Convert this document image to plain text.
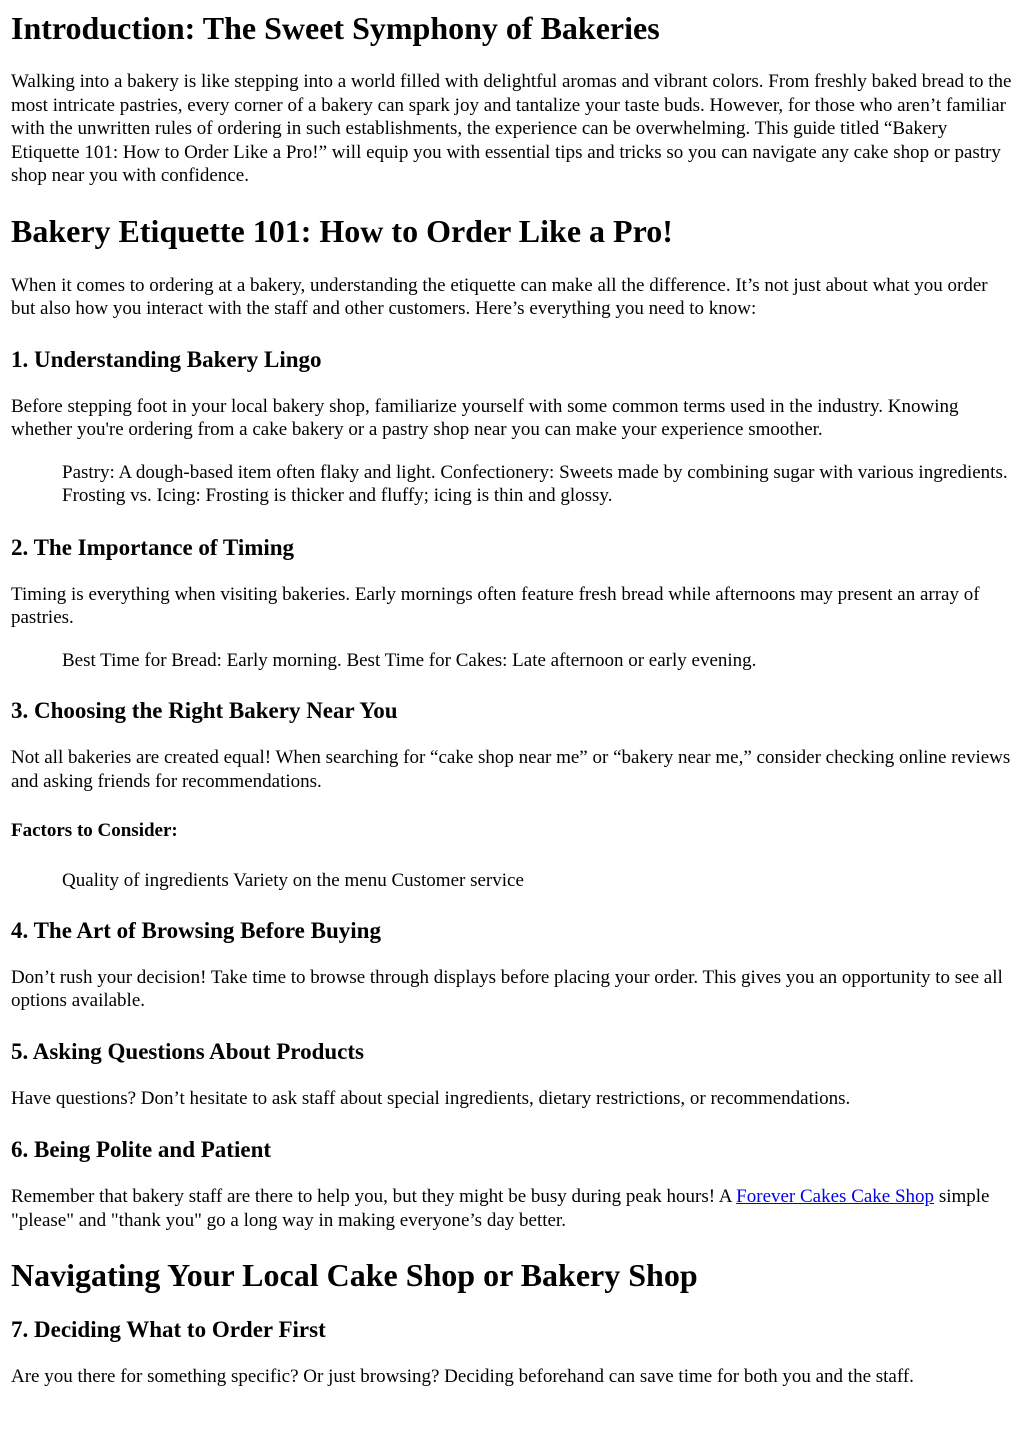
Introduction: The Sweet Symphony of Bakeries

Walking into a bakery is like stepping into a world filled with delightful aromas and vibrant colors. From freshly baked bread to the most intricate pastries, every corner of a bakery can spark joy and tantalize your taste buds. However, for those who aren’t familiar with the unwritten rules of ordering in such establishments, the experience can be overwhelming. This guide titled “Bakery Etiquette 101: How to Order Like a Pro!” will equip you with essential tips and tricks so you can navigate any cake shop or pastry shop near you with confidence.

Bakery Etiquette 101: How to Order Like a Pro!

When it comes to ordering at a bakery, understanding the etiquette can make all the difference. It’s not just about what you order but also how you interact with the staff and other customers. Here’s everything you need to know:

1. Understanding Bakery Lingo

Before stepping foot in your local bakery shop, familiarize yourself with some common terms used in the industry. Knowing whether you're ordering from a cake bakery or a pastry shop near you can make your experience smoother.

Pastry: A dough-based item often flaky and light. Confectionery: Sweets made by combining sugar with various ingredients. Frosting vs. Icing: Frosting is thicker and fluffy; icing is thin and glossy.

2. The Importance of Timing

Timing is everything when visiting bakeries. Early mornings often feature fresh bread while afternoons may present an array of pastries.

Best Time for Bread: Early morning. Best Time for Cakes: Late afternoon or early evening.

3. Choosing the Right Bakery Near You

Not all bakeries are created equal! When searching for “cake shop near me” or “bakery near me,” consider checking online reviews and asking friends for recommendations.

Factors to Consider:

Quality of ingredients Variety on the menu Customer service

4. The Art of Browsing Before Buying

Don’t rush your decision! Take time to browse through displays before placing your order. This gives you an opportunity to see all options available.

5. Asking Questions About Products

Have questions? Don’t hesitate to ask staff about special ingredients, dietary restrictions, or recommendations.

6. Being Polite and Patient

Remember that bakery staff are there to help you, but they might be busy during peak hours! A Forever Cakes Cake Shop simple "please" and "thank you" go a long way in making everyone’s day better.

Navigating Your Local Cake Shop or Bakery Shop
7. Deciding What to Order First

Are you there for something specific? Or just browsing? Deciding beforehand can save time for both you and the staff.
